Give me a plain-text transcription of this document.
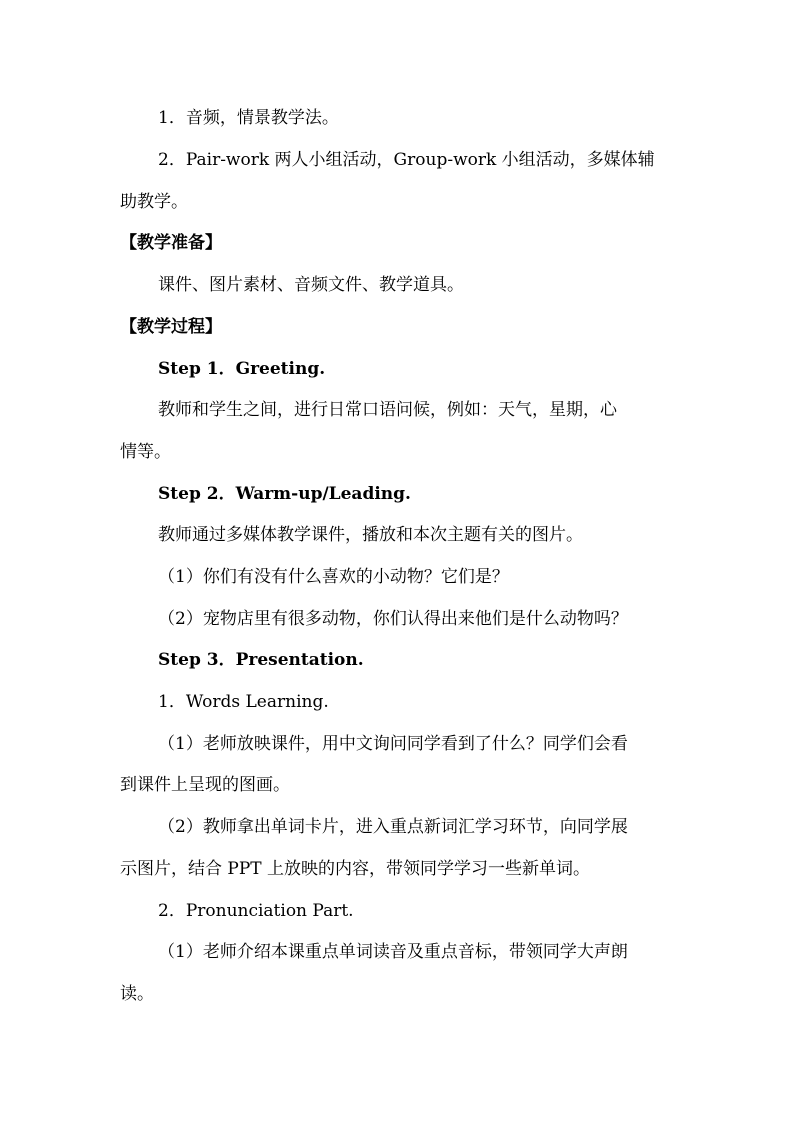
1．音频，情景教学法。
2．Pair-work 两人小组活动，Group-work 小组活动，多媒体辅
助教学。
【教学准备】
课件、图片素材、音频文件、教学道具。
【教学过程】
Step 1．Greeting.
教师和学生之间，进行日常口语问候，例如：天气，星期，心
情等。
Step 2．Warm-up/Leading.
教师通过多媒体教学课件，播放和本次主题有关的图片。
（1）你们有没有什么喜欢的小动物？它们是？
（2）宠物店里有很多动物，你们认得出来他们是什么动物吗？
Step 3．Presentation.
1．Words Learning.
（1）老师放映课件，用中文询问同学看到了什么？同学们会看
到课件上呈现的图画。
（2）教师拿出单词卡片，进入重点新词汇学习环节，向同学展
示图片，结合 PPT 上放映的内容，带领同学学习一些新单词。
2．Pronunciation Part.
（1）老师介绍本课重点单词读音及重点音标，带领同学大声朗
读。
